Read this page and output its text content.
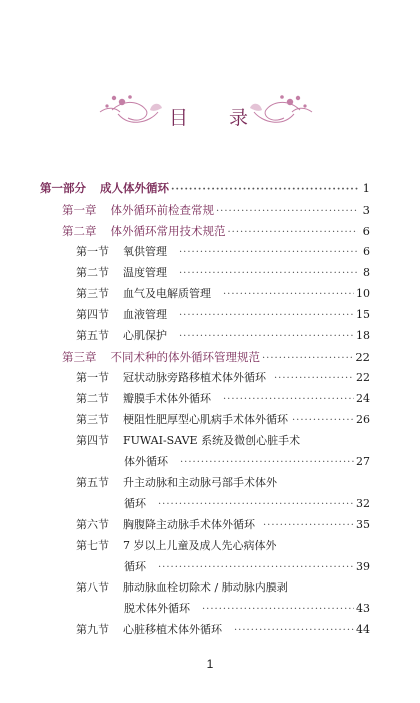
目 录
第一部分 成人体外循环 ·····	1
第一章 体外循环前检查常规 ·····	3
第二章 体外循环常用技术规范 ·····	6
第一节 氧供管理 ·····	6
第二节 温度管理 ·····	8
第三节 血气及电解质管理 ·····	10
第四节 血液管理 ·····	15
第五节 心肌保护 ·····	18
第三章 不同术种的体外循环管理规范 ·····	22
第一节 冠状动脉旁路移植术体外循环 ·····	22
第二节 瓣膜手术体外循环 ·····	24
第三节 梗阻性肥厚型心肌病手术体外循环 ·····	26
第四节 FUWAI-SAVE 系统及微创心脏手术
体外循环 ·····	27
第五节 升主动脉和主动脉弓部手术体外
循环 ·····	32
第六节 胸腹降主动脉手术体外循环 ·····	35
第七节 7 岁以上儿童及成人先心病体外
循环 ·····	39
第八节 肺动脉血栓切除术 / 肺动脉内膜剥
脱术体外循环 ·····	43
第九节 心脏移植术体外循环 ·····	44
1
